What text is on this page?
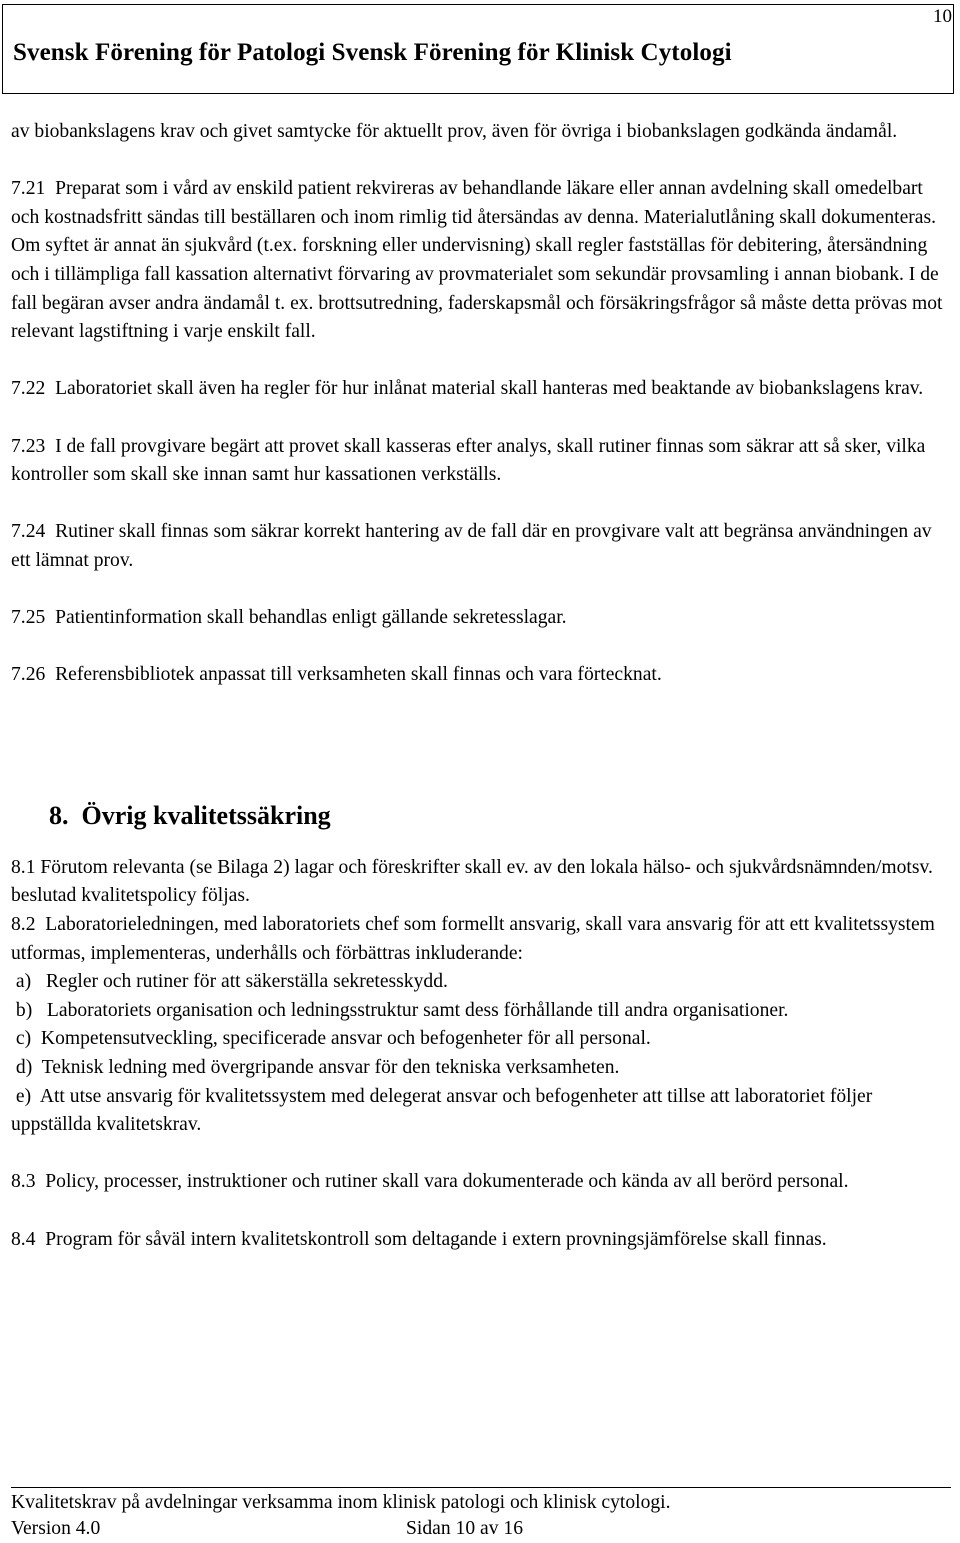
10
Svensk Förening för Patologi Svensk Förening för Klinisk Cytologi

av biobankslagens krav och givet samtycke för aktuellt prov, även för övriga i biobankslagen godkända ändamål.

7.21  Preparat som i vård av enskild patient rekvireras av behandlande läkare eller annan avdelning skall omedelbart och kostnadsfritt sändas till beställaren och inom rimlig tid återsändas av denna. Materialutlåning skall dokumenteras. Om syftet är annat än sjukvård (t.ex. forskning eller undervisning) skall regler fastställas för debitering, återsändning och i tillämpliga fall kassation alternativt förvaring av provmaterialet som sekundär provsamling i annan biobank. I de fall begäran avser andra ändamål t. ex. brottsutredning, faderskapsmål och försäkringsfrågor så måste detta prövas mot relevant lagstiftning i varje enskilt fall.

7.22  Laboratoriet skall även ha regler för hur inlånat material skall hanteras med beaktande av biobankslagens krav.

7.23  I de fall provgivare begärt att provet skall kasseras efter analys, skall rutiner finnas som säkrar att så sker, vilka kontroller som skall ske innan samt hur kassationen verkställs.

7.24  Rutiner skall finnas som säkrar korrekt hantering av de fall där en provgivare valt att begränsa användningen av ett lämnat prov.

7.25  Patientinformation skall behandlas enligt gällande sekretesslagar.

7.26  Referensbibliotek anpassat till verksamheten skall finnas och vara förtecknat.

8.  Övrig kvalitetssäkring

8.1 Förutom relevanta (se Bilaga 2) lagar och föreskrifter skall ev. av den lokala hälso- och sjukvårdsnämnden/motsv. beslutad kvalitetspolicy följas.

8.2  Laboratorieledningen, med laboratoriets chef som formellt ansvarig, skall vara ansvarig för att ett kvalitetssystem utformas, implementeras, underhålls och förbättras inkluderande:

a)   Regler och rutiner för att säkerställa sekretesskydd.

b)   Laboratoriets organisation och ledningsstruktur samt dess förhållande till andra organisationer.

c)  Kompetensutveckling, specificerade ansvar och befogenheter för all personal.

d)  Teknisk ledning med övergripande ansvar för den tekniska verksamheten.

e)  Att utse ansvarig för kvalitetssystem med delegerat ansvar och befogenheter att tillse att laboratoriet följer uppställda kvalitetskrav.

8.3  Policy, processer, instruktioner och rutiner skall vara dokumenterade och kända av all berörd personal.

8.4  Program för såväl intern kvalitetskontroll som deltagande i extern provningsjämförelse skall finnas.

Kvalitetskrav på avdelningar verksamma inom klinisk patologi och klinisk cytologi.
Version 4.0	Sidan 10 av 16
